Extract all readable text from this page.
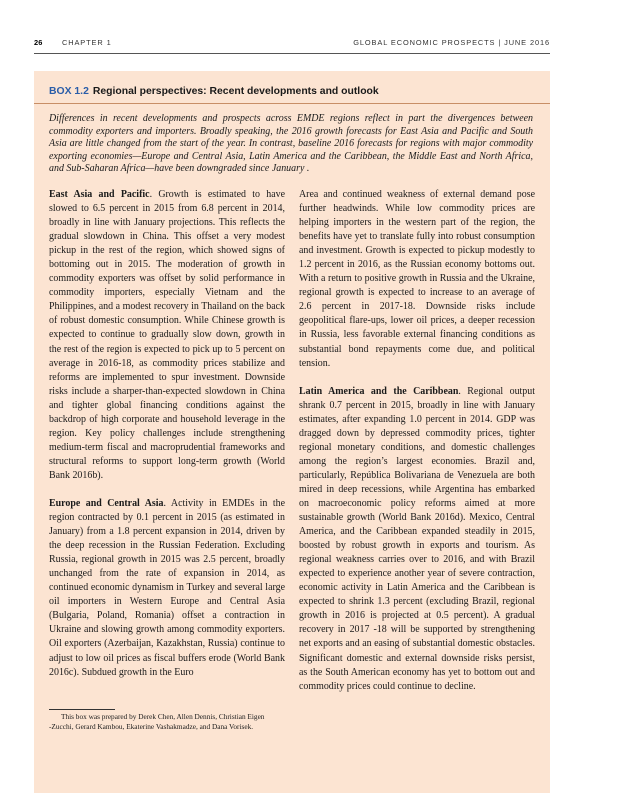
26	CHAPTER 1	GLOBAL ECONOMIC PROSPECTS | JUNE 2016
BOX 1.2 Regional perspectives: Recent developments and outlook
Differences in recent developments and prospects across EMDE regions reflect in part the divergences between commodity exporters and importers. Broadly speaking, the 2016 growth forecasts for East Asia and Pacific and South Asia are little changed from the start of the year. In contrast, baseline 2016 forecasts for regions with major commodity exporting economies—Europe and Central Asia, Latin America and the Caribbean, the Middle East and North Africa, and Sub-Saharan Africa—have been downgraded since January .

East Asia and Pacific. Growth is estimated to have slowed to 6.5 percent in 2015 from 6.8 percent in 2014, broadly in line with January projections. This reflects the gradual slowdown in China. This offset a very modest pickup in the rest of the region, which showed signs of bottoming out in 2015. The moderation of growth in commodity exporters was offset by solid performance in commodity importers, especially Vietnam and the Philippines, and a modest recovery in Thailand on the back of robust domestic consumption. While Chinese growth is expected to continue to gradually slow down, growth in the rest of the region is expected to pick up to 5 percent on average in 2016-18, as commodity prices stabilize and reforms are implemented to spur investment. Downside risks include a sharper-than-expected slowdown in China and tighter global financing conditions against the backdrop of high corporate and household leverage in the region. Key policy challenges include strengthening medium-term fiscal and macroprudential frameworks and structural reforms to support long-term growth (World Bank 2016b).

Europe and Central Asia. Activity in EMDEs in the region contracted by 0.1 percent in 2015 (as estimated in January) from a 1.8 percent expansion in 2014, driven by the deep recession in the Russian Federation. Excluding Russia, regional growth in 2015 was 2.5 percent, broadly unchanged from the rate of expansion in 2014, as continued economic dynamism in Turkey and several large oil importers in Western Europe and Central Asia (Bulgaria, Poland, Romania) offset a contraction in Ukraine and slowing growth among commodity exporters. Oil exporters (Azerbaijan, Kazakhstan, Russia) continue to adjust to low oil prices as fiscal buffers erode (World Bank 2016c). Subdued growth in the Euro

Area and continued weakness of external demand pose further headwinds. While low commodity prices are helping importers in the western part of the region, the benefits have yet to translate fully into robust consumption and investment. Growth is expected to pickup modestly to 1.2 percent in 2016, as the Russian economy bottoms out. With a return to positive growth in Russia and the Ukraine, regional growth is expected to increase to an average of 2.6 percent in 2017-18. Downside risks include geopolitical flare-ups, lower oil prices, a deeper recession in Russia, less favorable external financing conditions as substantial bond repayments come due, and political tension.

Latin America and the Caribbean. Regional output shrank 0.7 percent in 2015, broadly in line with January estimates, after expanding 1.0 percent in 2014. GDP was dragged down by depressed commodity prices, tighter regional monetary conditions, and domestic challenges among the region’s largest economies. Brazil and, particularly, República Bolivariana de Venezuela are both mired in deep recessions, while Argentina has embarked on macroeconomic policy reforms aimed at more sustainable growth (World Bank 2016d). Mexico, Central America, and the Caribbean expanded steadily in 2015, boosted by robust growth in exports and tourism. As regional weakness carries over to 2016, and with Brazil expected to experience another year of severe contraction, economic activity in Latin America and the Caribbean is expected to shrink 1.3 percent (excluding Brazil, regional growth in 2016 is projected at 0.5 percent). A gradual recovery in 2017 -18 will be supported by strengthening net exports and an easing of substantial domestic obstacles. Significant domestic and external downside risks persist, as the South American economy has yet to bottom out and commodity prices could continue to decline.

This box was prepared by Derek Chen, Allen Dennis, Christian Eigen
-Zucchi, Gerard Kambou, Ekaterine Vashakmadze, and Dana Vorisek.
